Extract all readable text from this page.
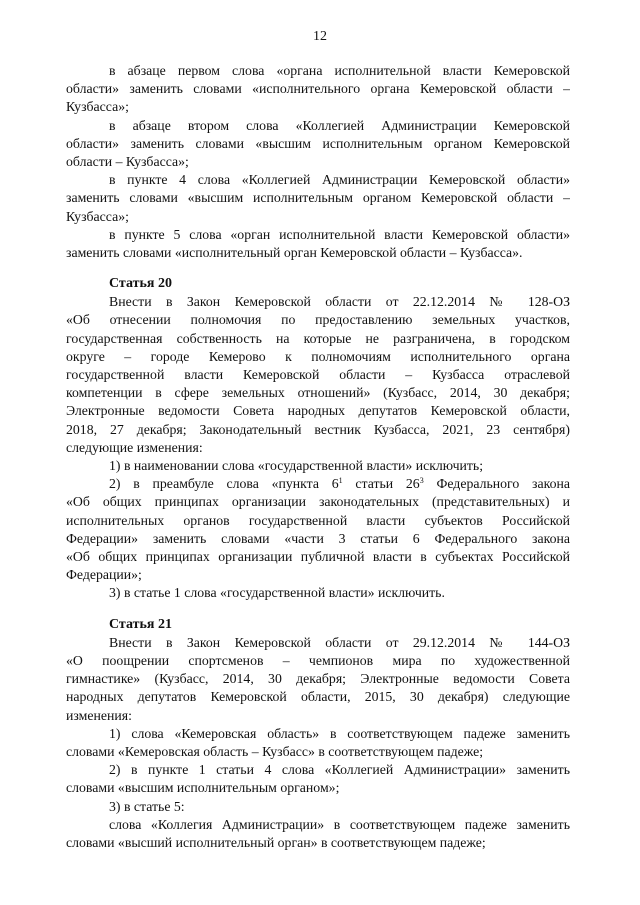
12
в абзаце первом слова «органа исполнительной власти Кемеровской
области» заменить словами «исполнительного органа Кемеровской области –
Кузбасса»;
в абзаце втором слова «Коллегией Администрации Кемеровской
области» заменить словами «высшим исполнительным органом Кемеровской
области – Кузбасса»;
в пункте 4 слова «Коллегией Администрации Кемеровской области»
заменить словами «высшим исполнительным органом Кемеровской области –
Кузбасса»;
в пункте 5 слова «орган исполнительной власти Кемеровской области»
заменить словами «исполнительный орган Кемеровской области – Кузбасса».
Статья 20
Внести в Закон Кемеровской области от 22.12.2014 № 128-ОЗ
«Об отнесении полномочия по предоставлению земельных участков,
государственная собственность на которые не разграничена, в городском
округе – городе Кемерово к полномочиям исполнительного органа
государственной власти Кемеровской области – Кузбасса отраслевой
компетенции в сфере земельных отношений» (Кузбасс, 2014, 30 декабря;
Электронные ведомости Совета народных депутатов Кемеровской области,
2018, 27 декабря; Законодательный вестник Кузбасса, 2021, 23 сентября)
следующие изменения:
1) в наименовании слова «государственной власти» исключить;
2) в преамбуле слова «пункта $6^1$ статьи $26^3$ Федерального закона
«Об общих принципах организации законодательных (представительных) и
исполнительных органов государственной власти субъектов Российской
Федерации» заменить словами «части 3 статьи 6 Федерального закона
«Об общих принципах организации публичной власти в субъектах Российской
Федерации»;
3) в статье 1 слова «государственной власти» исключить.
Статья 21
Внести в Закон Кемеровской области от 29.12.2014 № 144-ОЗ
«О поощрении спортсменов – чемпионов мира по художественной
гимнастике» (Кузбасс, 2014, 30 декабря; Электронные ведомости Совета
народных депутатов Кемеровской области, 2015, 30 декабря) следующие
изменения:
1) слова «Кемеровская область» в соответствующем падеже заменить
словами «Кемеровская область – Кузбасс» в соответствующем падеже;
2) в пункте 1 статьи 4 слова «Коллегией Администрации» заменить
словами «высшим исполнительным органом»;
3) в статье 5:
слова «Коллегия Администрации» в соответствующем падеже заменить
словами «высший исполнительный орган» в соответствующем падеже;
